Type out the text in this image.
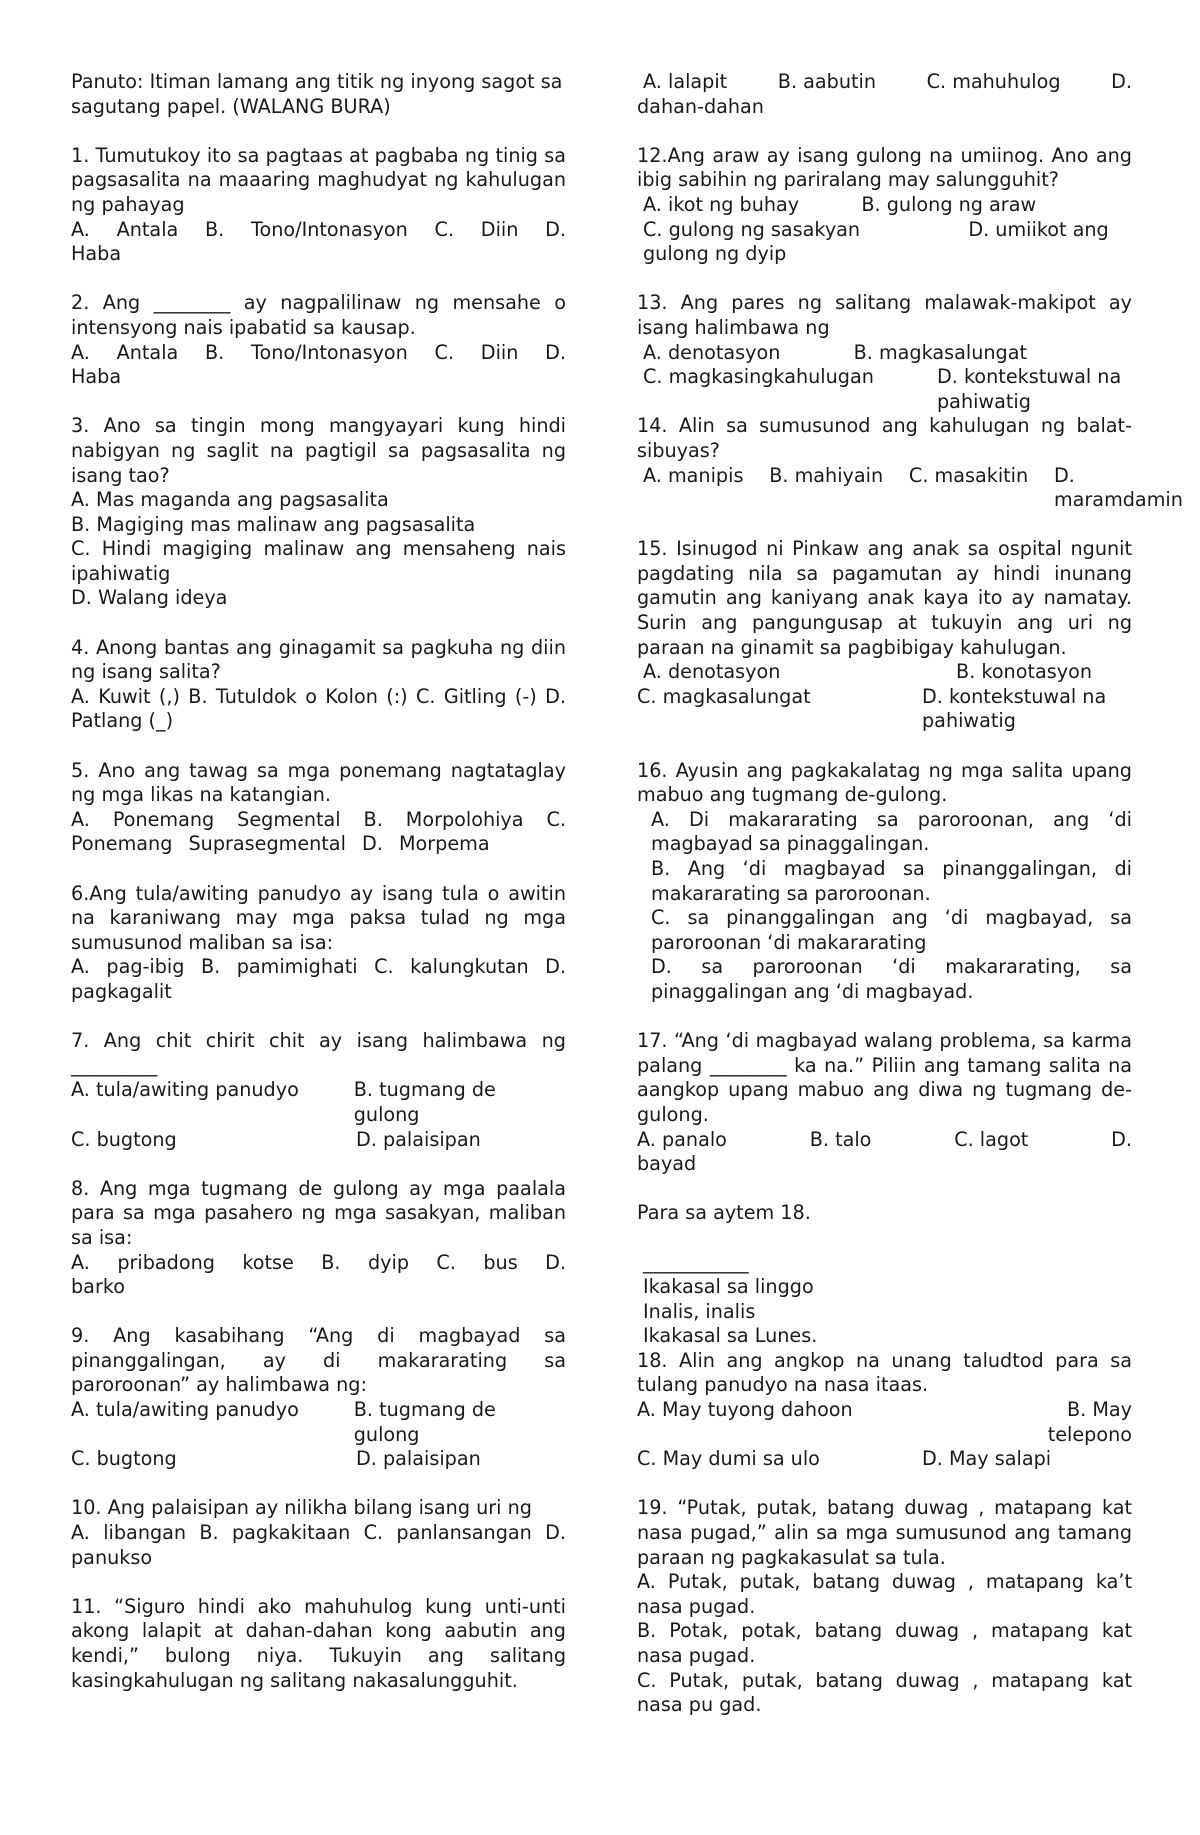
Panuto: Itiman lamang ang titik ng inyong sagot sa sagutang papel. (WALANG BURA)
1. Tumutukoy ito sa pagtaas at pagbaba ng tinig sa pagsasalita na maaaring maghudyat ng kahulugan ng pahayag
A. Antala B. Tono/Intonasyon C. Diin D. Haba
2. Ang ________ ay nagpalilinaw ng mensahe o intensyong nais ipabatid sa kausap.
A. Antala B. Tono/Intonasyon C. Diin D. Haba
3. Ano sa tingin mong mangyayari kung hindi nabigyan ng saglit na pagtigil sa pagsasalita ng isang tao?
A. Mas maganda ang pagsasalita
B. Magiging mas malinaw ang pagsasalita
C. Hindi magiging malinaw ang mensaheng nais ipahiwatig
D. Walang ideya
4. Anong bantas ang ginagamit sa pagkuha ng diin ng isang salita?
A. Kuwit (,) B. Tutuldok o Kolon (:) C. Gitling (-) D. Patlang (_)
5. Ano ang tawag sa mga ponemang nagtataglay ng mga likas na katangian.
A. Ponemang Segmental B. Morpolohiya C. Ponemang Suprasegmental D. Morpema
6.Ang tula/awiting panudyo ay isang tula o awitin na karaniwang may mga paksa tulad ng mga sumusunod maliban sa isa:
A. pag-ibig B. pamimighati C. kalungkutan D. pagkagalit
7. Ang chit chirit chit ay isang halimbawa ng _________
A. tula/awiting panudyo	B. tugmang de gulong
C. bugtong	D. palaisipan
8. Ang mga tugmang de gulong ay mga paalala para sa mga pasahero ng mga sasakyan, maliban sa isa:
A. pribadong kotse B. dyip C. bus D. barko
9. Ang kasabihang “Ang di magbayad sa pinanggalingan, ay di makararating sa paroroonan” ay halimbawa ng:
A. tula/awiting panudyo	B. tugmang de gulong
C. bugtong	D. palaisipan
10. Ang palaisipan ay nilikha bilang isang uri ng
A. libangan B. pagkakitaan C. panlansangan D. panukso
11. “Siguro hindi ako mahuhulog kung unti-unti akong lalapit at dahan-dahan kong aabutin ang kendi,” bulong niya. Tukuyin ang salitang kasingkahulugan ng salitang nakasalungguhit.
A. lalapit	B. aabutin	C. mahuhulog	D.
dahan-dahan
12.Ang araw ay isang gulong na umiinog. Ano ang ibig sabihin ng pariralang may salungguhit?
A. ikot ng buhay	B. gulong ng araw
C. gulong ng sasakyan	D. umiikot ang gulong ng dyip
13. Ang pares ng salitang malawak-makipot ay isang halimbawa ng
A. denotasyon	B. magkasalungat
C. magkasingkahulugan	D. kontekstuwal na pahiwatig
14. Alin sa sumusunod ang kahulugan ng balat-sibuyas?
A. manipis B. mahiyain C. masakitin D. maramdamin
15. Isinugod ni Pinkaw ang anak sa ospital ngunit pagdating nila sa pagamutan ay hindi inunang gamutin ang kaniyang anak kaya ito ay namatay. Surin ang pangungusap at tukuyin ang uri ng paraan na ginamit sa pagbibigay kahulugan.
A. denotasyon	B. konotasyon
C. magkasalungat	D. kontekstuwal na pahiwatig
16. Ayusin ang pagkakalatag ng mga salita upang mabuo ang tugmang de-gulong.
A. Di makararating sa paroroonan, ang ‘di magbayad sa pinaggalingan.
B. Ang ‘di magbayad sa pinanggalingan, di makararating sa paroroonan.
C. sa pinanggalingan ang ‘di magbayad, sa paroroonan ‘di makararating
D. sa paroroonan ‘di makararating, sa pinaggalingan ang ‘di magbayad.
17. “Ang ‘di magbayad walang problema, sa karma palang ________ ka na.” Piliin ang tamang salita na aangkop upang mabuo ang diwa ng tugmang de-gulong.
A. panalo	B. talo	C. lagot	D.
bayad
Para sa aytem 18.
___________
Ikakasal sa linggo
Inalis, inalis
Ikakasal sa Lunes.
18. Alin ang angkop na unang taludtod para sa tulang panudyo na nasa itaas.
A. May tuyong dahoon	B. May telepono
C. May dumi sa ulo	D. May salapi
19. “Putak, putak, batang duwag , matapang kat nasa pugad,” alin sa mga sumusunod ang tamang paraan ng pagkakasulat sa tula.
A. Putak, putak, batang duwag , matapang ka’t nasa pugad.
B. Potak, potak, batang duwag , matapang kat nasa pugad.
C. Putak, putak, batang duwag , matapang kat nasa pu gad.
